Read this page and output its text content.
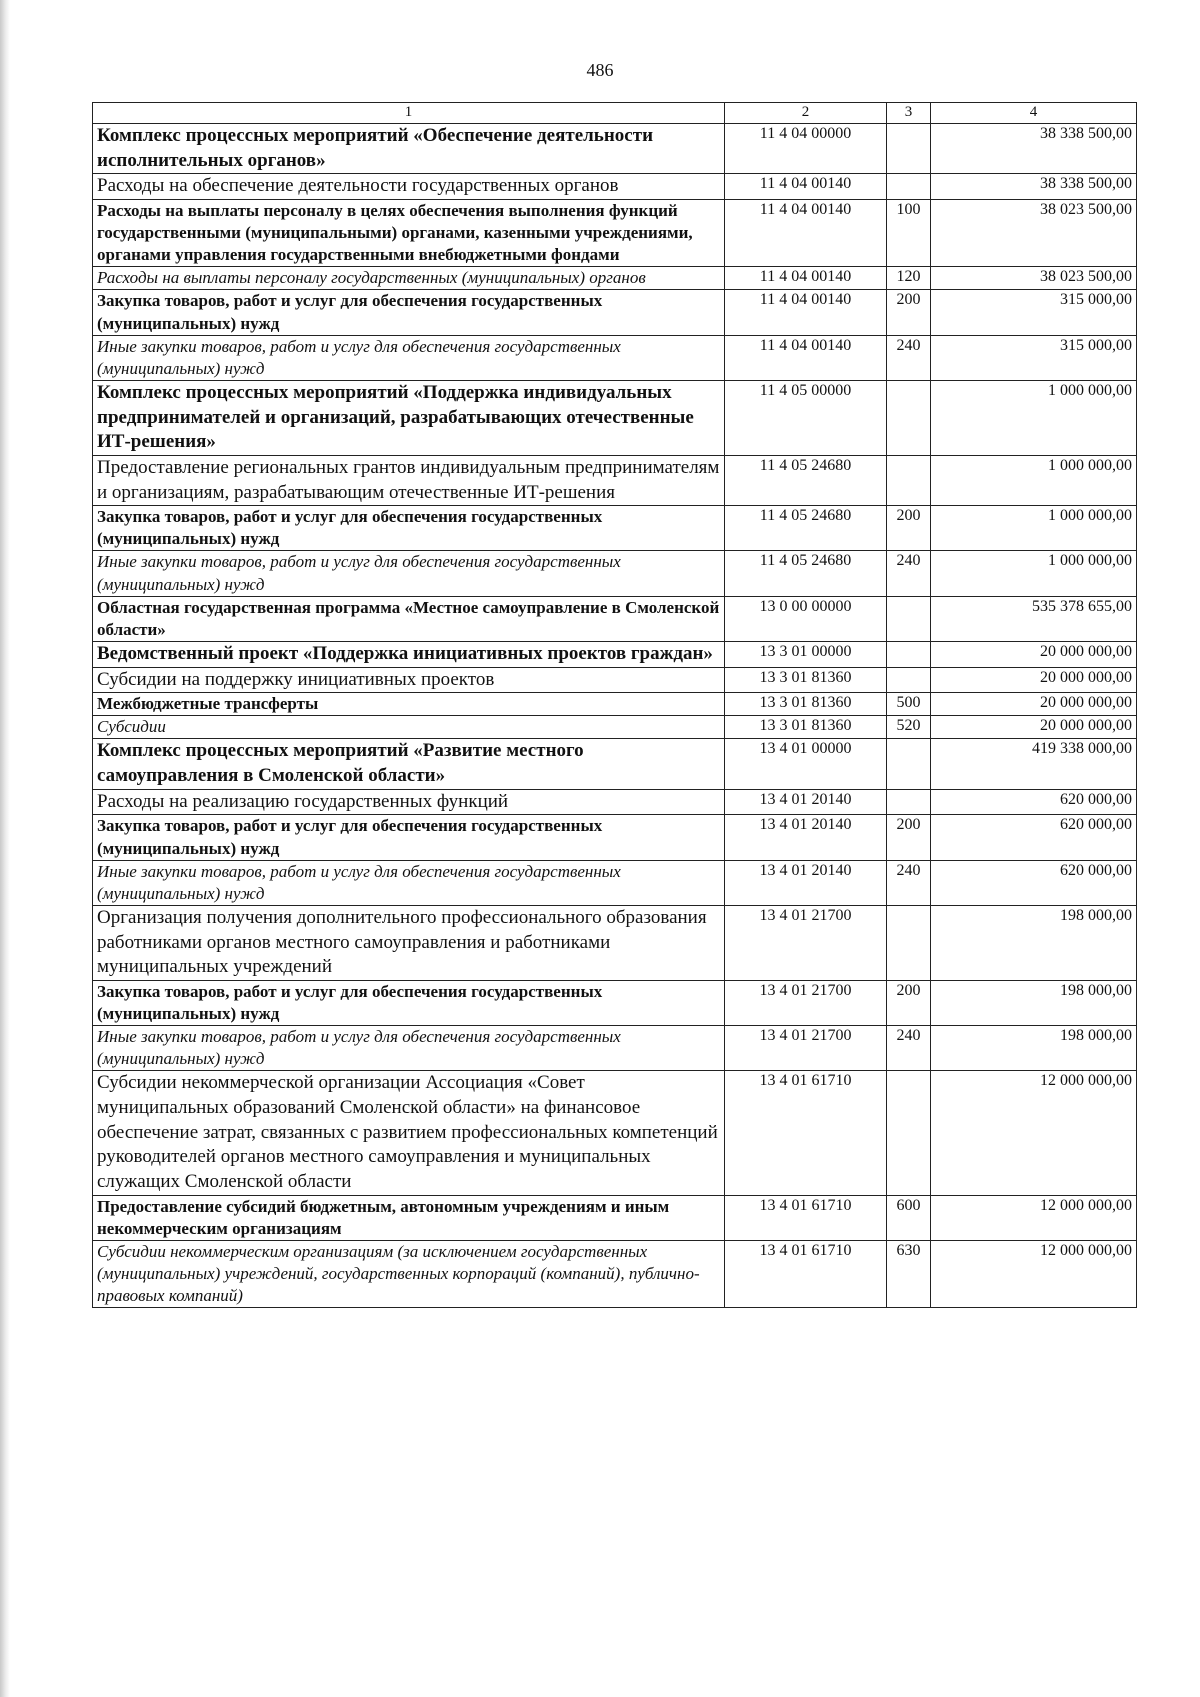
486
1	2	3	4
Комплекс процессных мероприятий «Обеспечение деятельности исполнительных органов»	11 4 04 00000		38 338 500,00
Расходы на обеспечение деятельности государственных органов	11 4 04 00140		38 338 500,00
Расходы на выплаты персоналу в целях обеспечения выполнения функций государственными (муниципальными) органами, казенными учреждениями, органами управления государственными внебюджетными фондами	11 4 04 00140	100	38 023 500,00
Расходы на выплаты персоналу государственных (муниципальных) органов	11 4 04 00140	120	38 023 500,00
Закупка товаров, работ и услуг для обеспечения государственных (муниципальных) нужд	11 4 04 00140	200	315 000,00
Иные закупки товаров, работ и услуг для обеспечения государственных (муниципальных) нужд	11 4 04 00140	240	315 000,00
Комплекс процессных мероприятий «Поддержка индивидуальных предпринимателей и организаций, разрабатывающих отечественные ИТ-решения»	11 4 05 00000		1 000 000,00
Предоставление региональных грантов индивидуальным предпринимателям и организациям, разрабатывающим отечественные ИТ-решения	11 4 05 24680		1 000 000,00
Закупка товаров, работ и услуг для обеспечения государственных (муниципальных) нужд	11 4 05 24680	200	1 000 000,00
Иные закупки товаров, работ и услуг для обеспечения государственных (муниципальных) нужд	11 4 05 24680	240	1 000 000,00
Областная государственная программа «Местное самоуправление в Смоленской области»	13 0 00 00000		535 378 655,00
Ведомственный проект «Поддержка инициативных проектов граждан»	13 3 01 00000		20 000 000,00
Субсидии на поддержку инициативных проектов	13 3 01 81360		20 000 000,00
Межбюджетные трансферты	13 3 01 81360	500	20 000 000,00
Субсидии	13 3 01 81360	520	20 000 000,00
Комплекс процессных мероприятий «Развитие местного самоуправления в Смоленской области»	13 4 01 00000		419 338 000,00
Расходы на реализацию государственных функций	13 4 01 20140		620 000,00
Закупка товаров, работ и услуг для обеспечения государственных (муниципальных) нужд	13 4 01 20140	200	620 000,00
Иные закупки товаров, работ и услуг для обеспечения государственных (муниципальных) нужд	13 4 01 20140	240	620 000,00
Организация получения дополнительного профессионального образования работниками органов местного самоуправления и работниками муниципальных учреждений	13 4 01 21700		198 000,00
Закупка товаров, работ и услуг для обеспечения государственных (муниципальных) нужд	13 4 01 21700	200	198 000,00
Иные закупки товаров, работ и услуг для обеспечения государственных (муниципальных) нужд	13 4 01 21700	240	198 000,00
Субсидии некоммерческой организации Ассоциация «Совет муниципальных образований Смоленской области» на финансовое обеспечение затрат, связанных с развитием профессиональных компетенций руководителей органов местного самоуправления и муниципальных служащих Смоленской области	13 4 01 61710		12 000 000,00
Предоставление субсидий бюджетным, автономным учреждениям и иным некоммерческим организациям	13 4 01 61710	600	12 000 000,00
Субсидии некоммерческим организациям (за исключением государственных (муниципальных) учреждений, государственных корпораций (компаний), публично-правовых компаний)	13 4 01 61710	630	12 000 000,00
